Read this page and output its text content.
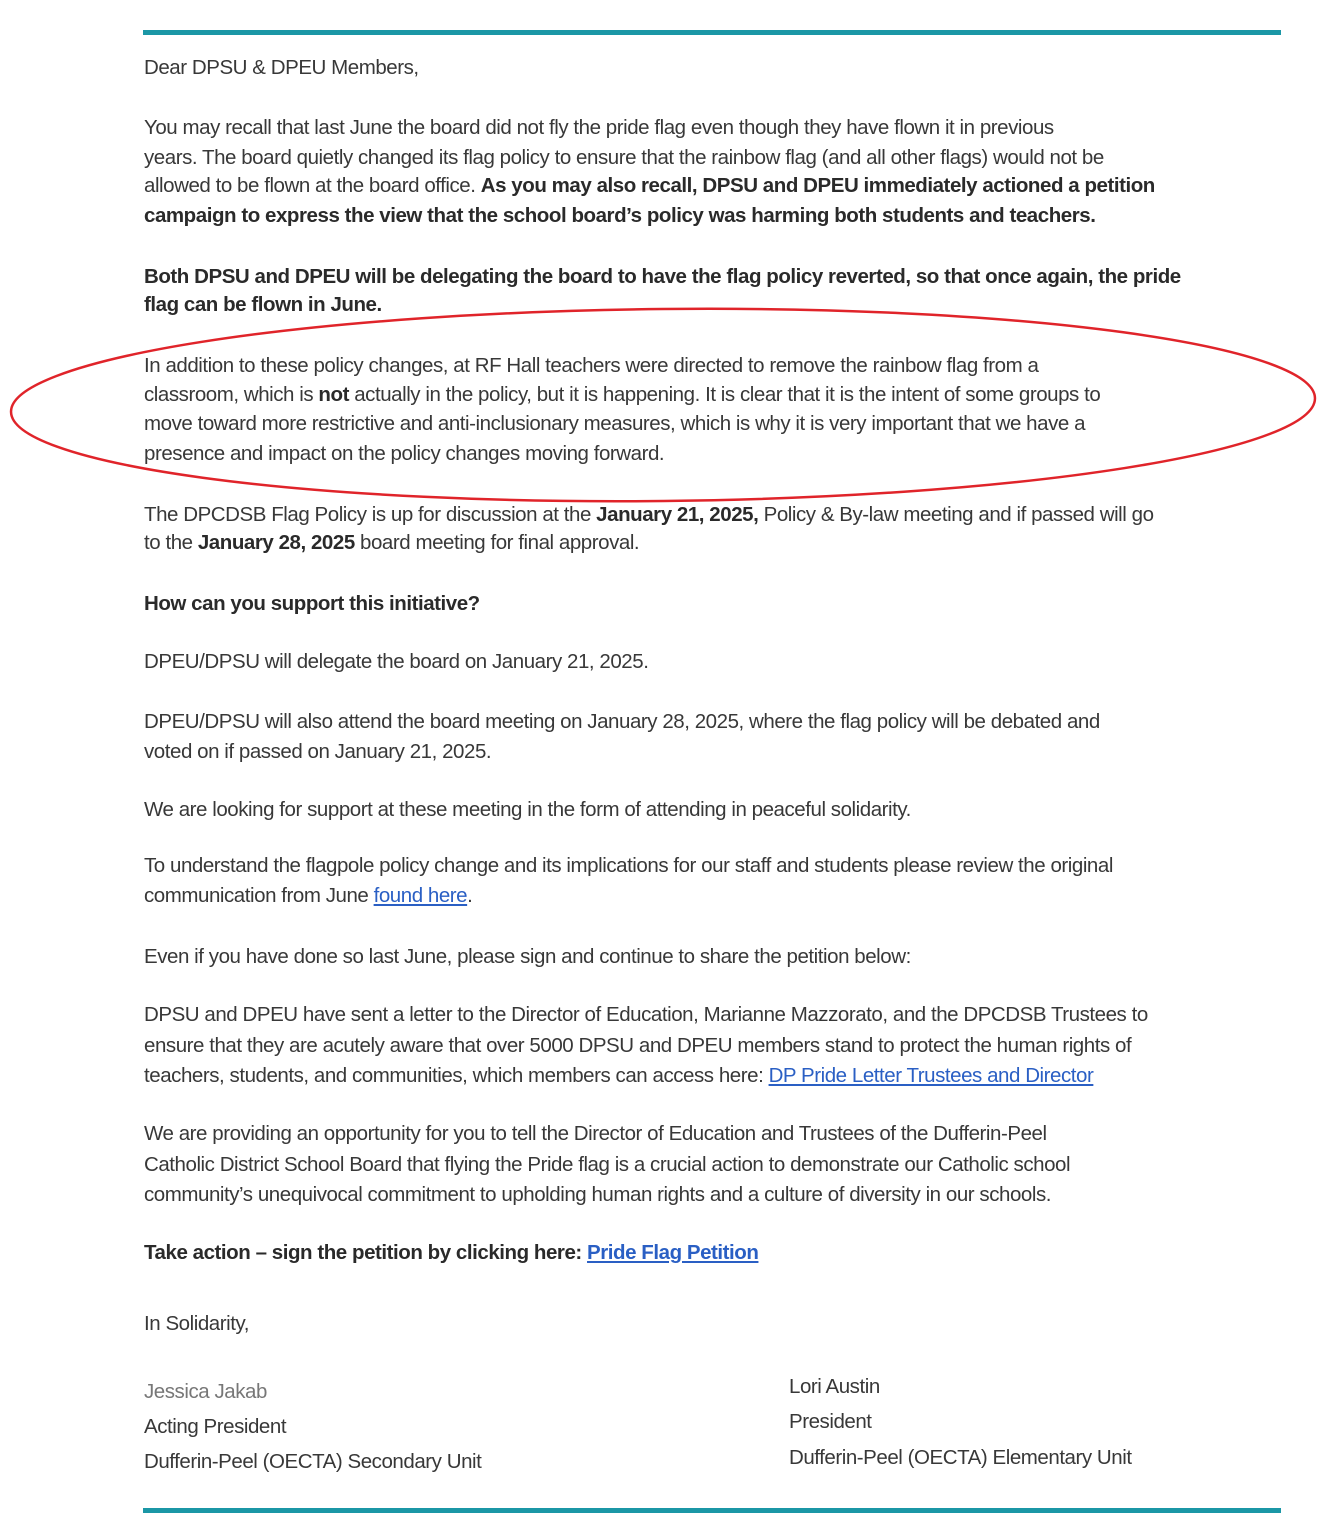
Dear DPSU & DPEU Members,

You may recall that last June the board did not fly the pride flag even though they have flown it in previous

years. The board quietly changed its flag policy to ensure that the rainbow flag (and all other flags) would not be

allowed to be flown at the board office. As you may also recall, DPSU and DPEU immediately actioned a petition

campaign to express the view that the school board’s policy was harming both students and teachers.

Both DPSU and DPEU will be delegating the board to have the flag policy reverted, so that once again, the pride

flag can be flown in June.

In addition to these policy changes, at RF Hall teachers were directed to remove the rainbow flag from a

classroom, which is not actually in the policy, but it is happening. It is clear that it is the intent of some groups to

move toward more restrictive and anti-inclusionary measures, which is why it is very important that we have a

presence and impact on the policy changes moving forward.

The DPCDSB Flag Policy is up for discussion at the January 21, 2025, Policy & By-law meeting and if passed will go

to the January 28, 2025 board meeting for final approval.

How can you support this initiative?

DPEU/DPSU will delegate the board on January 21, 2025.

DPEU/DPSU will also attend the board meeting on January 28, 2025, where the flag policy will be debated and

voted on if passed on January 21, 2025.

We are looking for support at these meeting in the form of attending in peaceful solidarity.

To understand the flagpole policy change and its implications for our staff and students please review the original

communication from June found here.

Even if you have done so last June, please sign and continue to share the petition below:

DPSU and DPEU have sent a letter to the Director of Education, Marianne Mazzorato, and the DPCDSB Trustees to

ensure that they are acutely aware that over 5000 DPSU and DPEU members stand to protect the human rights of

teachers, students, and communities, which members can access here: DP Pride Letter Trustees and Director

We are providing an opportunity for you to tell the Director of Education and Trustees of the Dufferin-Peel

Catholic District School Board that flying the Pride flag is a crucial action to demonstrate our Catholic school

community’s unequivocal commitment to upholding human rights and a culture of diversity in our schools.

Take action – sign the petition by clicking here: Pride Flag Petition

In Solidarity,

Jessica Jakab
Acting President
Dufferin-Peel (OECTA) Secondary Unit
Lori Austin
President
Dufferin-Peel (OECTA) Elementary Unit
